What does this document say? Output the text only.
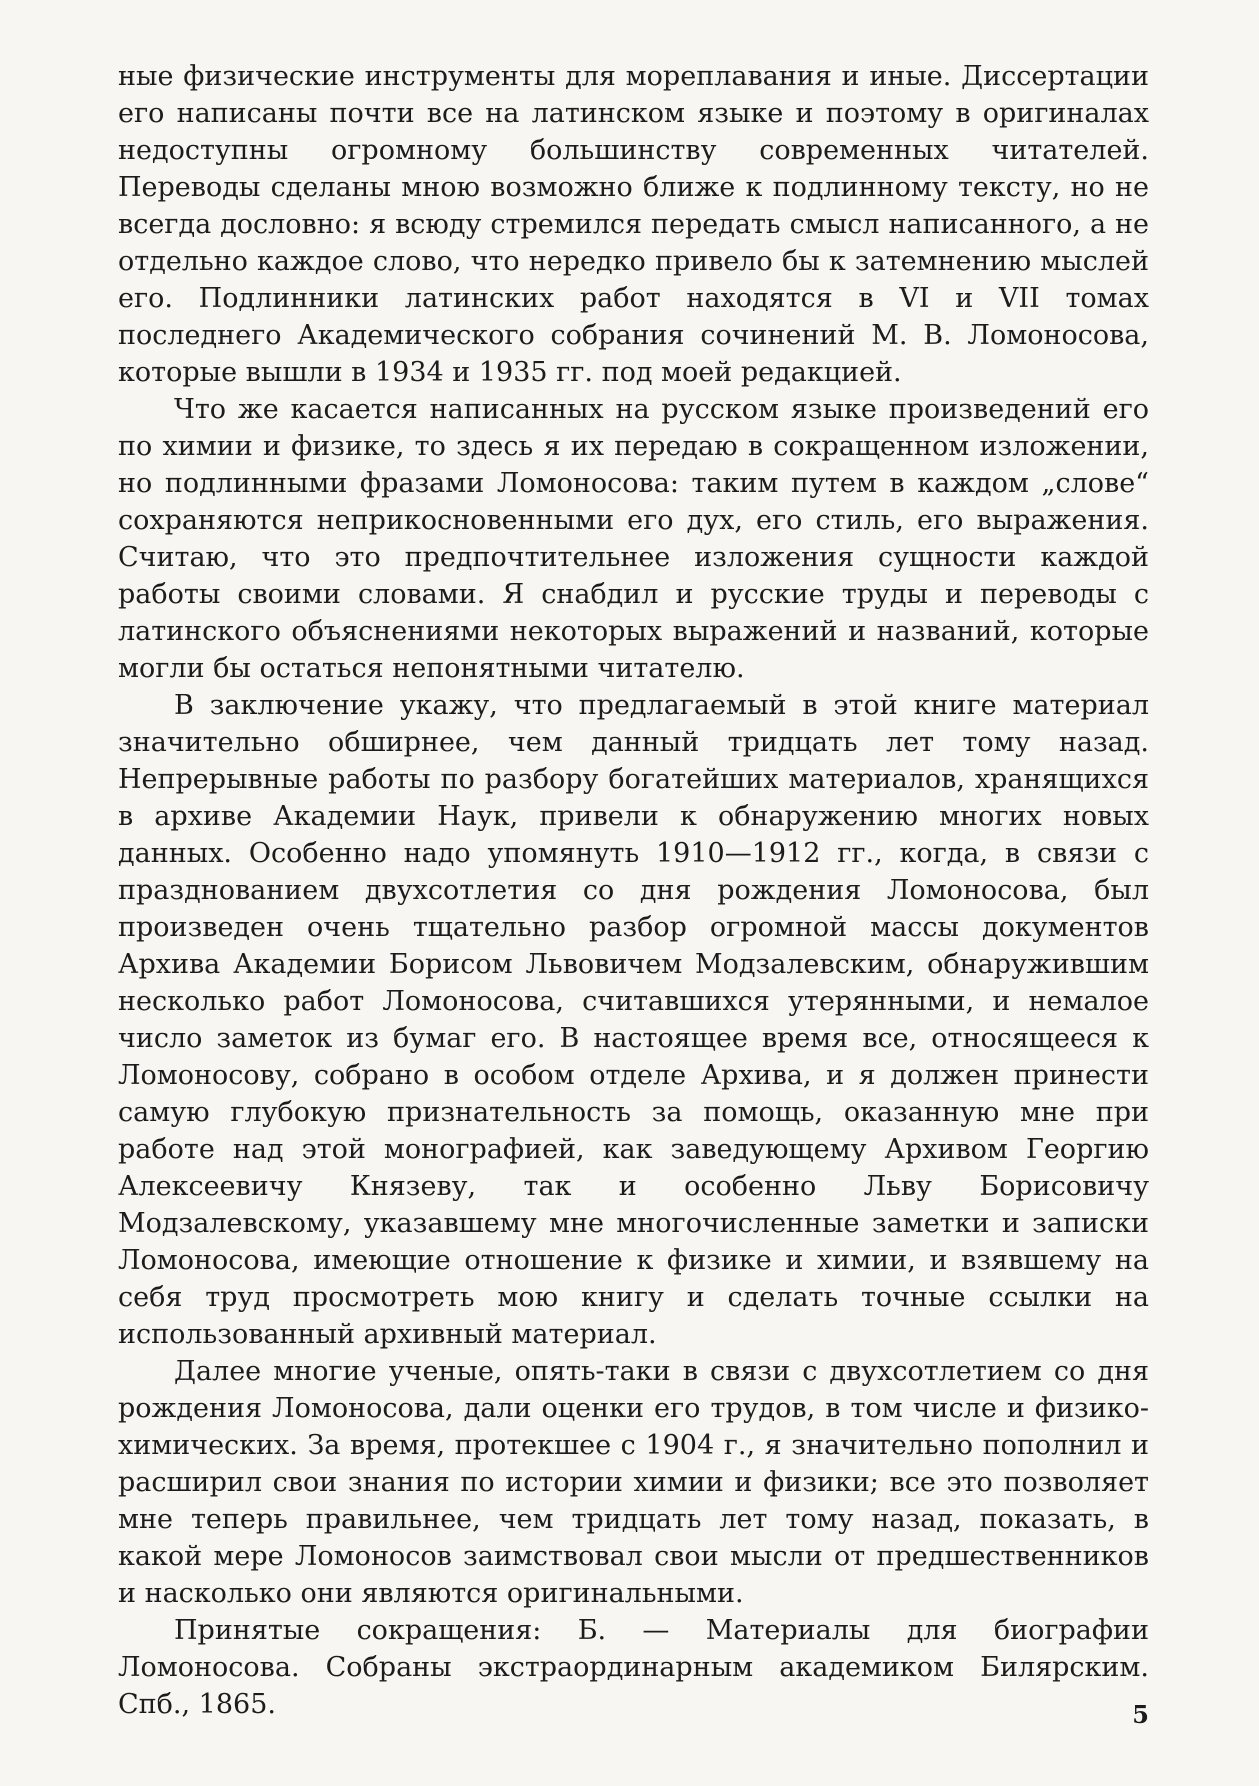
ные физические инструменты для мореплавания и иные. Диссертации его написаны почти все на латинском языке и поэтому в оригиналах недоступны огромному большинству современных читателей. Переводы сделаны мною возможно ближе к подлинному тексту, но не всегда дословно: я всюду стремился передать смысл написанного, а не отдельно каждое слово, что нередко привело бы к затемнению мыслей его. Подлинники латинских работ находятся в VI и VII томах последнего Академического собрания сочинений М. В. Ломоносова, которые вышли в 1934 и 1935 гг. под моей редакцией.

Что же касается написанных на русском языке произведений его по химии и физике, то здесь я их передаю в сокращенном изложении, но подлинными фразами Ломоносова: таким путем в каждом „слове“ сохраняются неприкосновенными его дух, его стиль, его выражения. Считаю, что это предпочтительнее изложения сущности каждой работы своими словами. Я снабдил и русские труды и переводы с латинского объяснениями некоторых выражений и названий, которые могли бы остаться непонятными читателю.

В заключение укажу, что предлагаемый в этой книге материал значительно обширнее, чем данный тридцать лет тому назад. Непрерывные работы по разбору богатейших материалов, хранящихся в архиве Академии Наук, привели к обнаружению многих новых данных. Особенно надо упомянуть 1910—1912 гг., когда, в связи с празднованием двухсотлетия со дня рождения Ломоносова, был произведен очень тщательно разбор огромной массы документов Архива Академии Борисом Львовичем Модзалевским, обнаружившим несколько работ Ломоносова, считавшихся утерянными, и немалое число заметок из бумаг его. В настоящее время все, относящееся к Ломоносову, собрано в особом отделе Архива, и я должен принести самую глубокую признательность за помощь, оказанную мне при работе над этой монографией, как заведующему Архивом Георгию Алексеевичу Князеву, так и особенно Льву Борисовичу Модзалевскому, указавшему мне многочисленные заметки и записки Ломоносова, имеющие отношение к физике и химии, и взявшему на себя труд просмотреть мою книгу и сделать точные ссылки на использованный архивный материал.

Далее многие ученые, опять-таки в связи с двухсотлетием со дня рождения Ломоносова, дали оценки его трудов, в том числе и физико-химических. За время, протекшее с 1904 г., я значительно пополнил и расширил свои знания по истории химии и физики; все это позволяет мне теперь правильнее, чем тридцать лет тому назад, показать, в какой мере Ломоносов заимствовал свои мысли от предшественников и насколько они являются оригинальными.

Принятые сокращения: Б. — Материалы для биографии Ломоносова. Собраны экстраординарным академиком Билярским. Спб., 1865.	5
